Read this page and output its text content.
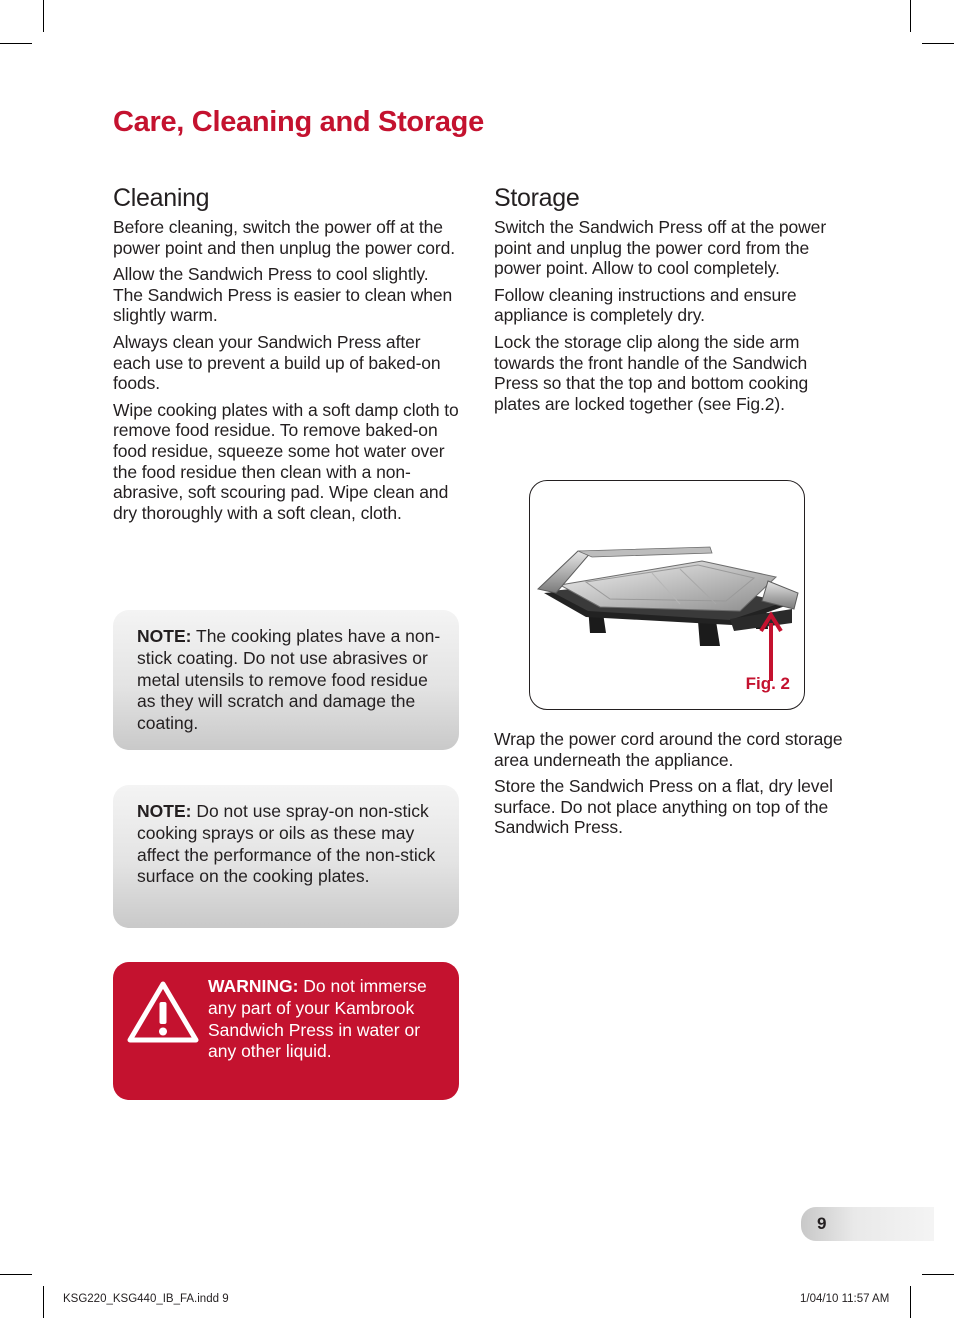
Care, Cleaning and Storage
Cleaning

Before cleaning, switch the power off at the power point and then unplug the power cord.

Allow the Sandwich Press to cool slightly. The Sandwich Press is easier to clean when slightly warm.

Always clean your Sandwich Press after each use to prevent a build up of baked-on foods.

Wipe cooking plates with a soft damp cloth to remove food residue. To remove baked-on food residue, squeeze some hot water over the food residue then clean with a non-abrasive, soft scouring pad. Wipe clean and dry thoroughly with a soft clean, cloth.

NOTE: The cooking plates have a non-stick coating. Do not use abrasives or metal utensils to remove food residue as they will scratch and damage the coating.

NOTE: Do not use spray-on non-stick cooking sprays or oils as these may affect the performance of the non-stick surface on the cooking plates.

WARNING: Do not immerse any part of your Kambrook Sandwich Press in water or any other liquid.

Storage

Switch the Sandwich Press off at the power point and unplug the power cord from the power point. Allow to cool completely.

Follow cleaning instructions and ensure appliance is completely dry.

Lock the storage clip along the side arm towards the front handle of the Sandwich Press so that the top and bottom cooking plates are locked together (see Fig.2).

Fig. 2

Wrap the power cord around the cord storage area underneath the appliance.

Store the Sandwich Press on a flat, dry level surface. Do not place anything on top of the Sandwich Press.

9
KSG220_KSG440_IB_FA.indd 9	1/04/10 11:57 AM
